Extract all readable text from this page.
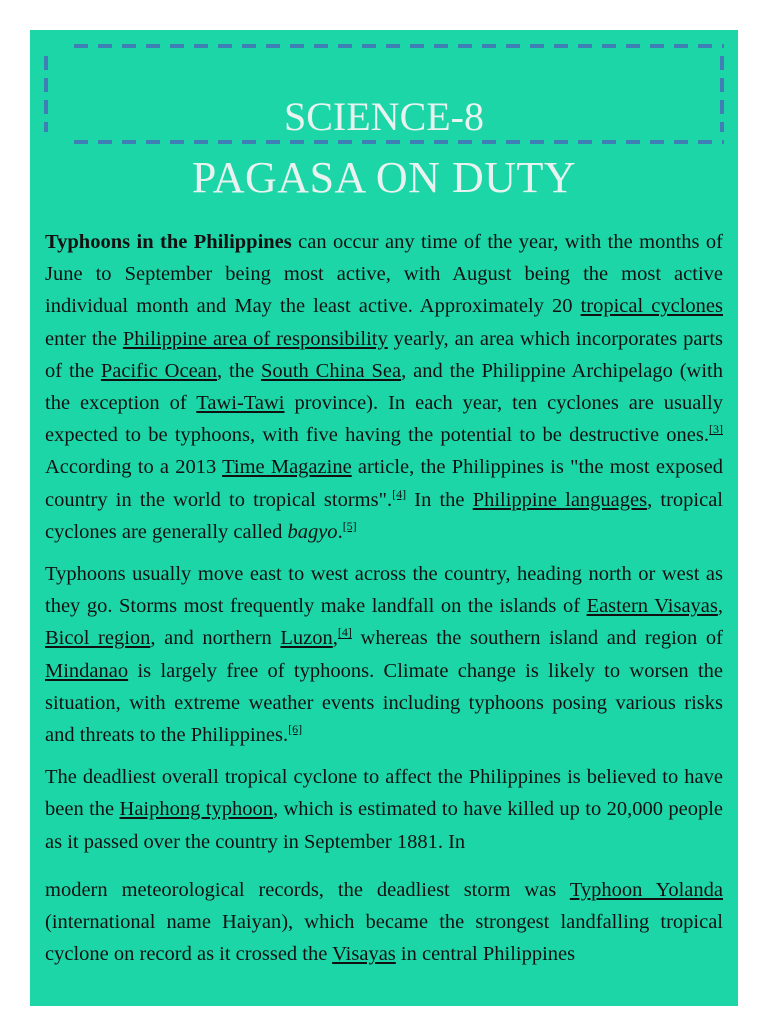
SCIENCE-8
PAGASA ON DUTY

Typhoons in the Philippines can occur any time of the year, with the months of June to September being most active, with August being the most active individual month and May the least active. Approximately 20 tropical cyclones enter the Philippine area of responsibility yearly, an area which incorporates parts of the Pacific Ocean, the South China Sea, and the Philippine Archipelago (with the exception of Tawi-Tawi province). In each year, ten cyclones are usually expected to be typhoons, with five having the potential to be destructive ones.[3] According to a 2013 Time Magazine article, the Philippines is "the most exposed country in the world to tropical storms".[4] In the Philippine languages, tropical cyclones are generally called bagyo.[5]

Typhoons usually move east to west across the country, heading north or west as they go. Storms most frequently make landfall on the islands of Eastern Visayas, Bicol region, and northern Luzon,[4] whereas the southern island and region of Mindanao is largely free of typhoons. Climate change is likely to worsen the situation, with extreme weather events including typhoons posing various risks and threats to the Philippines.[6]

The deadliest overall tropical cyclone to affect the Philippines is believed to have been the Haiphong typhoon, which is estimated to have killed up to 20,000 people as it passed over the country in September 1881. In

modern meteorological records, the deadliest storm was Typhoon Yolanda (international name Haiyan), which became the strongest landfalling tropical cyclone on record as it crossed the Visayas in central Philippines
